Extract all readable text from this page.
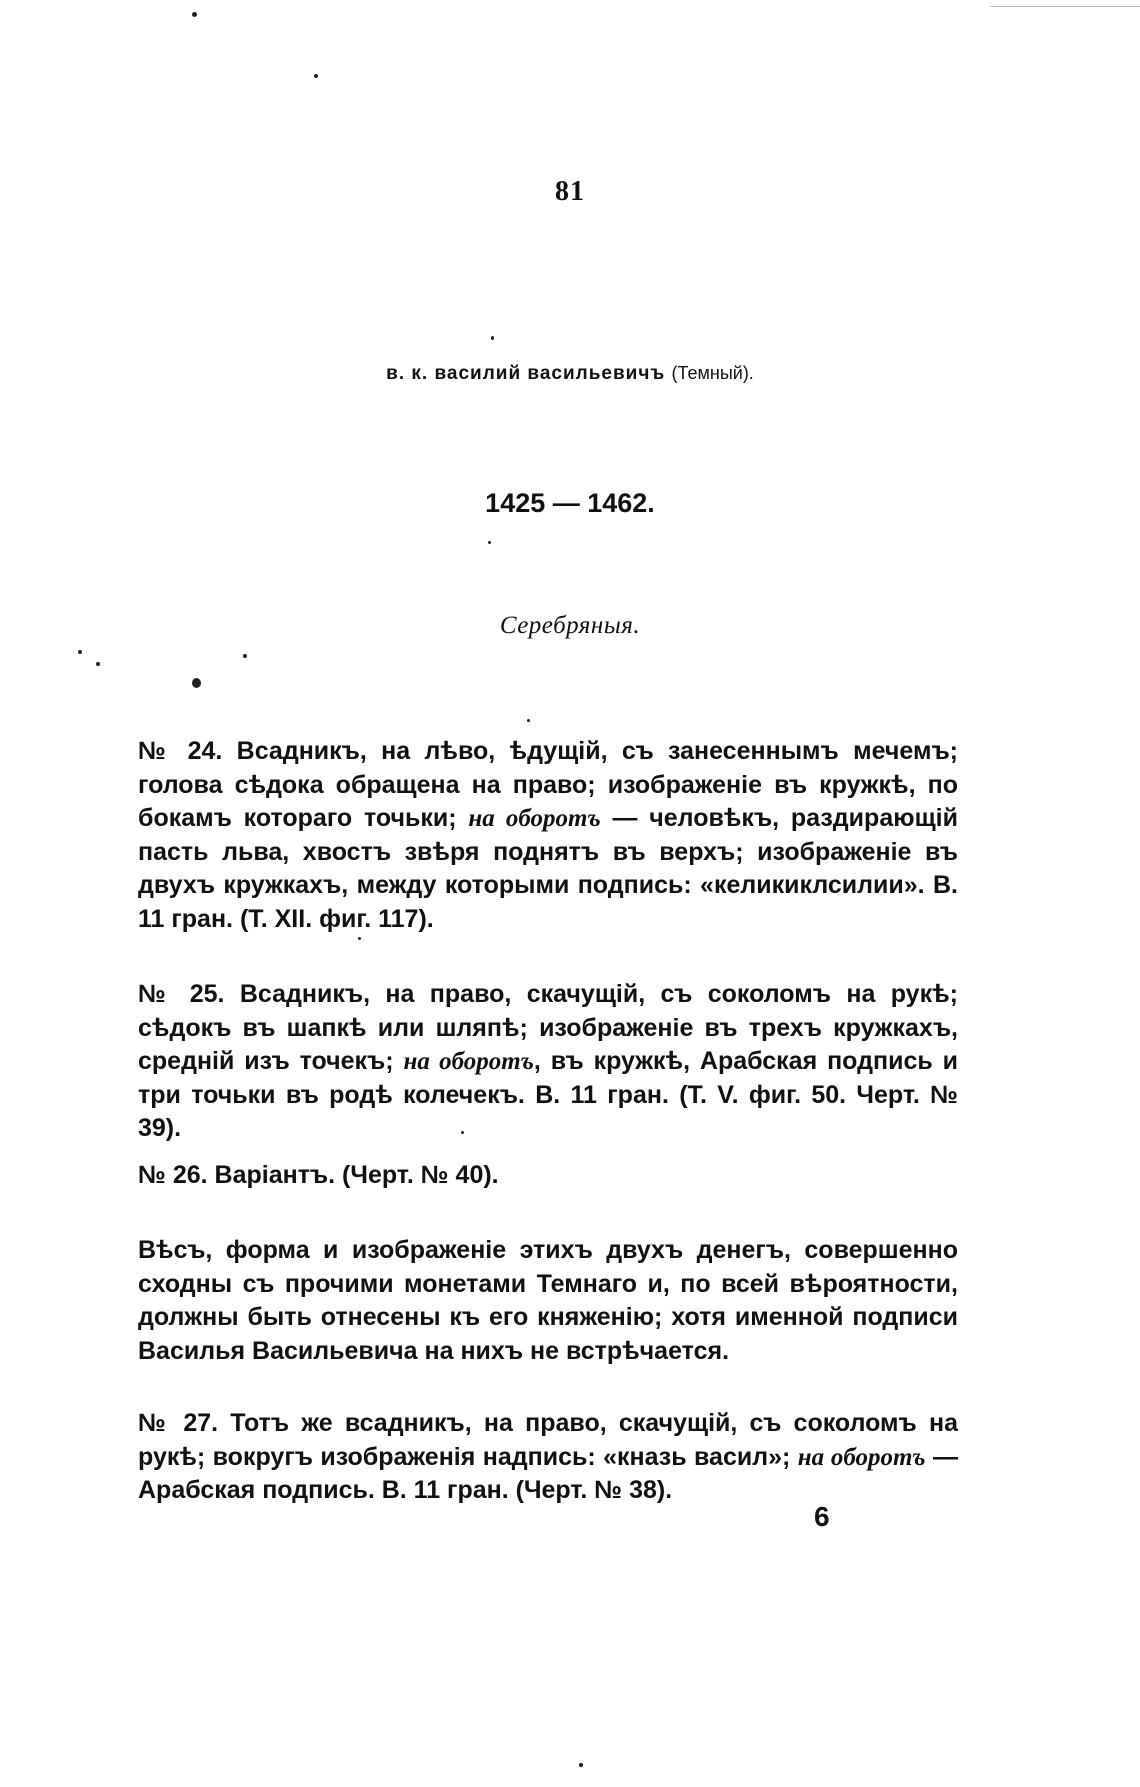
81
в. к. василий васильевичъ (Темный).
1425 — 1462.
Серебряныя.

№ 24. Всадникъ, на лѣво, ѣдущій, съ занесеннымъ мечемъ; голова сѣдока обращена на право; изображеніе въ кружкѣ, по бокамъ котораго точьки; на оборотъ — человѣкъ, раздирающій пасть льва, хвостъ звѣря поднятъ въ верхъ; изображеніе въ двухъ кружкахъ, между которыми подпись: «келикиклсилии». В. 11 гран. (Т. XII. фиг. 117).

№ 25. Всадникъ, на право, скачущій, съ соколомъ на рукѣ; сѣдокъ въ шапкѣ или шляпѣ; изображеніе въ трехъ кружкахъ, средній изъ точекъ; на оборотъ, въ кружкѣ, Арабская подпись и три точьки въ родѣ колечекъ. В. 11 гран. (Т. V. фиг. 50. Черт. № 39).

№ 26. Варіантъ. (Черт. № 40).

Вѣсъ, форма и изображеніе этихъ двухъ денегъ, совершенно сходны съ прочими монетами Темнаго и, по всей вѣроятности, должны быть отнесены къ его княженію; хотя именной подписи Василья Васильевича на нихъ не встрѣчается.

№ 27. Тотъ же всадникъ, на право, скачущій, съ соколомъ на рукѣ; вокругъ изображенія надпись: «кназь васил»; на оборотъ — Арабская подпись. В. 11 гран. (Черт. № 38).

6
